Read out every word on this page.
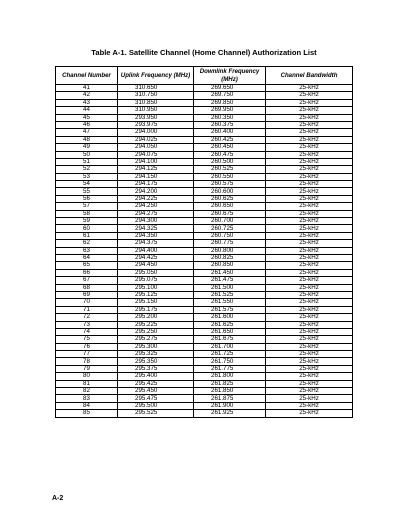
Table A-1. Satellite Channel (Home Channel) Authorization List
Channel Number	Uplink Frequency (MHz)	Downlink Frequency (MHz)	Channel Bandwidth
41	310.650	269.650	25-kHz
42	310.750	269.750	25-kHz
43	310.850	269.850	25-kHz
44	310.950	269.950	25-kHz
45	293.950	260.350	25-kHz
46	293.975	260.375	25-kHz
47	294.000	260.400	25-kHz
48	294.025	260.425	25-kHz
49	294.050	260.450	25-kHz
50	294.075	260.475	25-kHz
51	294.100	260.500	25-kHz
52	294.125	260.525	25-kHz
53	294.150	260.550	25-kHz
54	294.175	260.575	25-kHz
55	294.200	260.600	25-kHz
56	294.225	260.625	25-kHz
57	294.250	260.650	25-kHz
58	294.275	260.675	25-kHz
59	294.300	260.700	25-kHz
60	294.325	260.725	25-kHz
61	294.350	260.750	25-kHz
62	294.375	260.775	25-kHz
63	294.400	260.800	25-kHz
64	294.425	260.825	25-kHz
65	294.450	260.850	25-kHz
66	295.050	261.450	25-kHz
67	295.075	261.475	25-kHz
68	295.100	261.500	25-kHz
69	295.125	261.525	25-kHz
70	295.150	261.550	25-kHz
71	295.175	261.575	25-kHz
72	295.200	261.600	25-kHz
73	295.225	261.625	25-kHz
74	295.250	261.650	25-kHz
75	295.275	261.675	25-kHz
76	295.300	261.700	25-kHz
77	295.325	261.725	25-kHz
78	295.350	261.750	25-kHz
79	295.375	261.775	25-kHz
80	295.400	261.800	25-kHz
81	295.425	261.825	25-kHz
82	295.450	261.850	25-kHz
83	295.475	261.875	25-kHz
84	295.500	261.900	25-kHz
85	295.525	261.925	25-kHz
A-2
